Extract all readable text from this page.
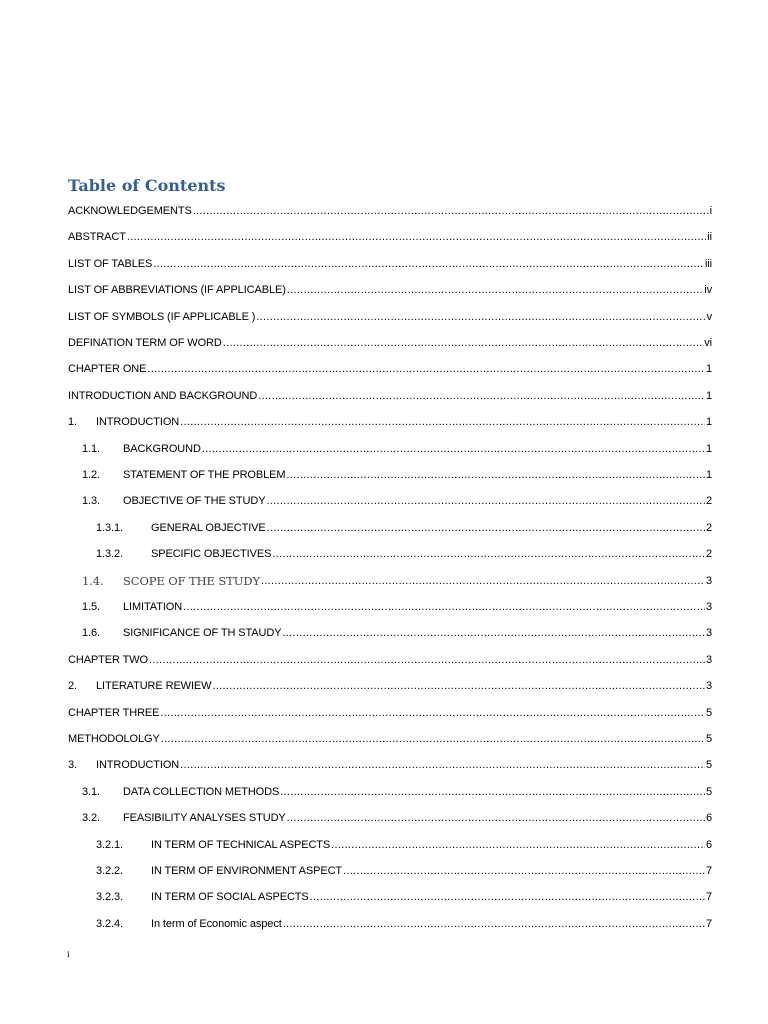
Table of Contents
ACKNOWLEDGEMENTS .....	i
ABSTRACT .....	ii
LIST OF TABLES .....	iii
LIST OF ABBREVIATIONS (IF APPLICABLE) .....	iv
LIST OF SYMBOLS (IF APPLICABLE ) .....	v
DEFINATION TERM OF WORD .....	vi
CHAPTER ONE .....	1
INTRODUCTION AND BACKGROUND .....	1
1.	INTRODUCTION .....	1
1.1.	BACKGROUND .....	1
1.2.	STATEMENT OF THE PROBLEM .....	1
1.3.	OBJECTIVE OF THE STUDY .....	2
1.3.1.	GENERAL OBJECTIVE .....	2
1.3.2.	SPECIFIC OBJECTIVES .....	2
1.4.	SCOPE OF THE STUDY .....	3
1.5.	LIMITATION .....	3
1.6.	SIGNIFICANCE OF TH STAUDY .....	3
CHAPTER TWO .....	3
2.	LITERATURE REWIEW .....	3
CHAPTER THREE .....	5
METHODOLOLGY .....	5
3.	INTRODUCTION .....	5
3.1.	DATA COLLECTION METHODS .....	5
3.2.	FEASIBILITY ANALYSES STUDY .....	6
3.2.1.	IN TERM OF TECHNICAL ASPECTS .....	6
3.2.2.	IN TERM OF ENVIRONMENT ASPECT .....	7
3.2.3.	IN TERM OF SOCIAL ASPECTS .....	7
3.2.4.	In term of Economic aspect .....	7
i
